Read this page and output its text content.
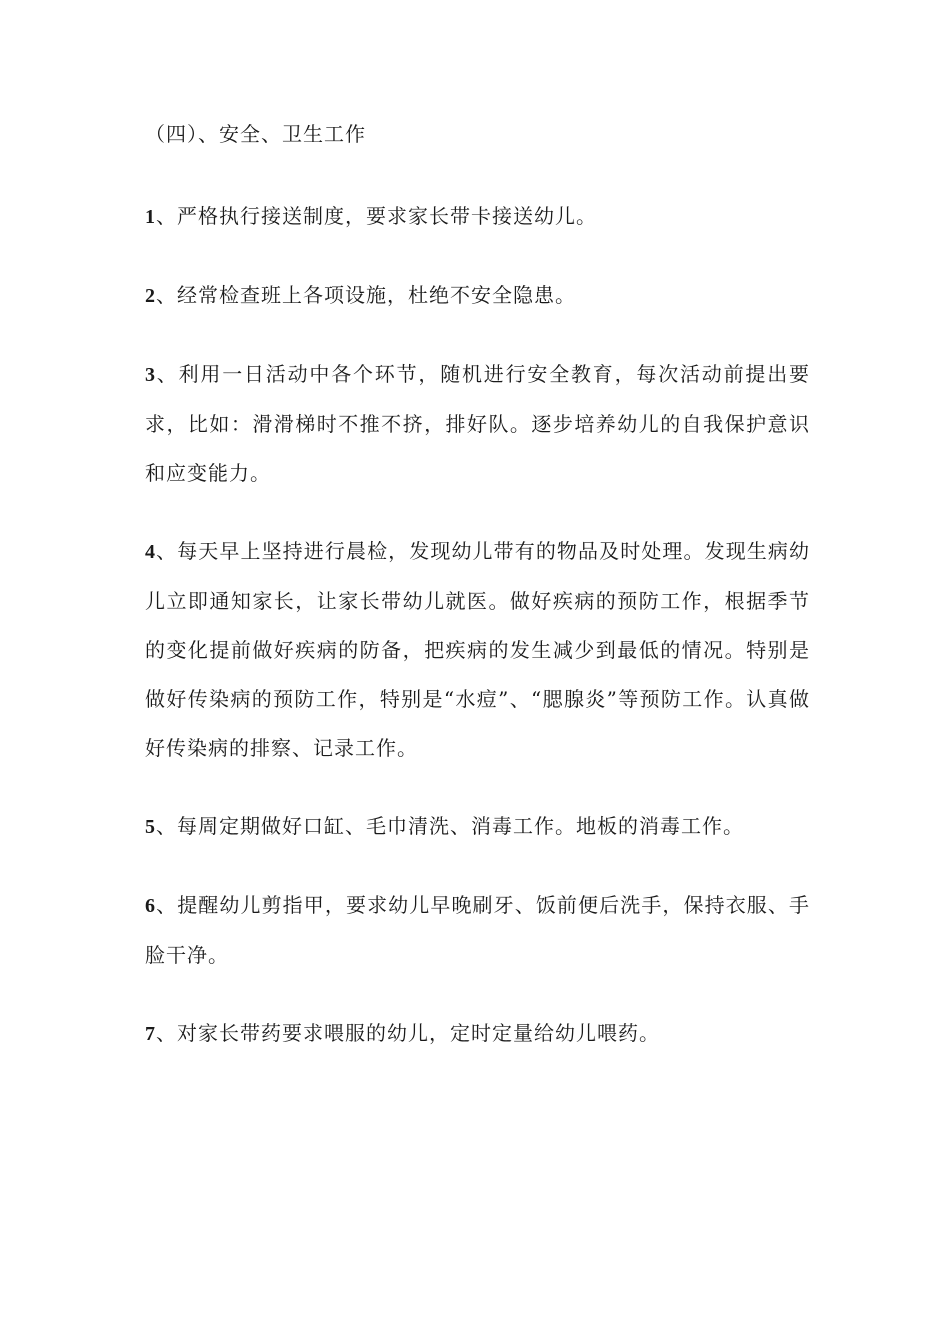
（四）、安全、卫生工作

1、严格执行接送制度，要求家长带卡接送幼儿。

2、经常检查班上各项设施，杜绝不安全隐患。

3、利用一日活动中各个环节，随机进行安全教育，每次活动前提出要求，比如：滑滑梯时不推不挤，排好队。逐步培养幼儿的自我保护意识和应变能力。

4、每天早上坚持进行晨检，发现幼儿带有的物品及时处理。发现生病幼儿立即通知家长，让家长带幼儿就医。做好疾病的预防工作，根据季节的变化提前做好疾病的防备，把疾病的发生减少到最低的情况。特别是做好传染病的预防工作，特别是“水痘”、“腮腺炎”等预防工作。认真做好传染病的排察、记录工作。

5、每周定期做好口缸、毛巾清洗、消毒工作。地板的消毒工作。

6、提醒幼儿剪指甲，要求幼儿早晚刷牙、饭前便后洗手，保持衣服、手脸干净。

7、对家长带药要求喂服的幼儿，定时定量给幼儿喂药。
